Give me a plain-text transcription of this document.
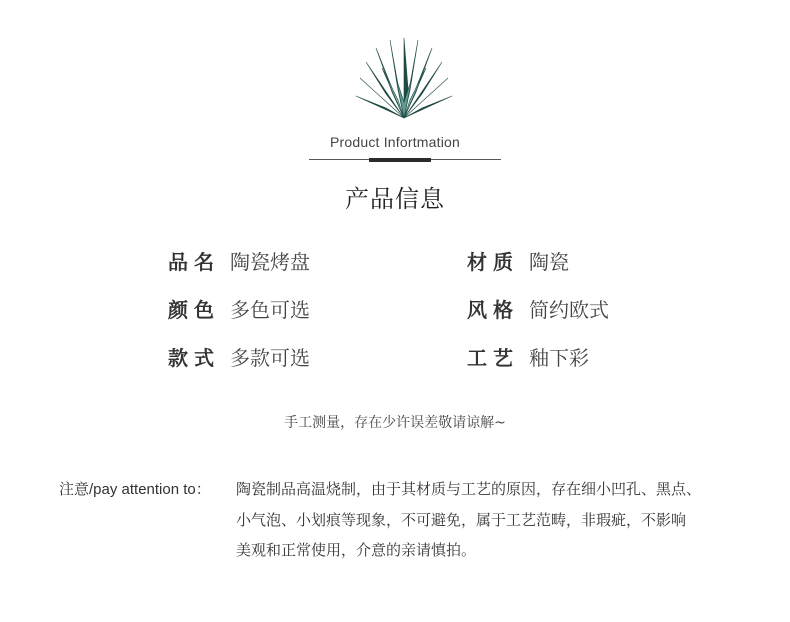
Product Infortmation
产品信息
品名 陶瓷烤盘	材质 陶瓷
颜色 多色可选	风格 简约欧式
款式 多款可选	工艺 釉下彩
手工测量，存在少许误差敬请谅解~
注意/pay attention to： 陶瓷制品高温烧制，由于其材质与工艺的原因，存在细小凹孔、黑点、
小气泡、小划痕等现象，不可避免，属于工艺范畴，非瑕疵，不影响
美观和正常使用，介意的亲请慎拍。
